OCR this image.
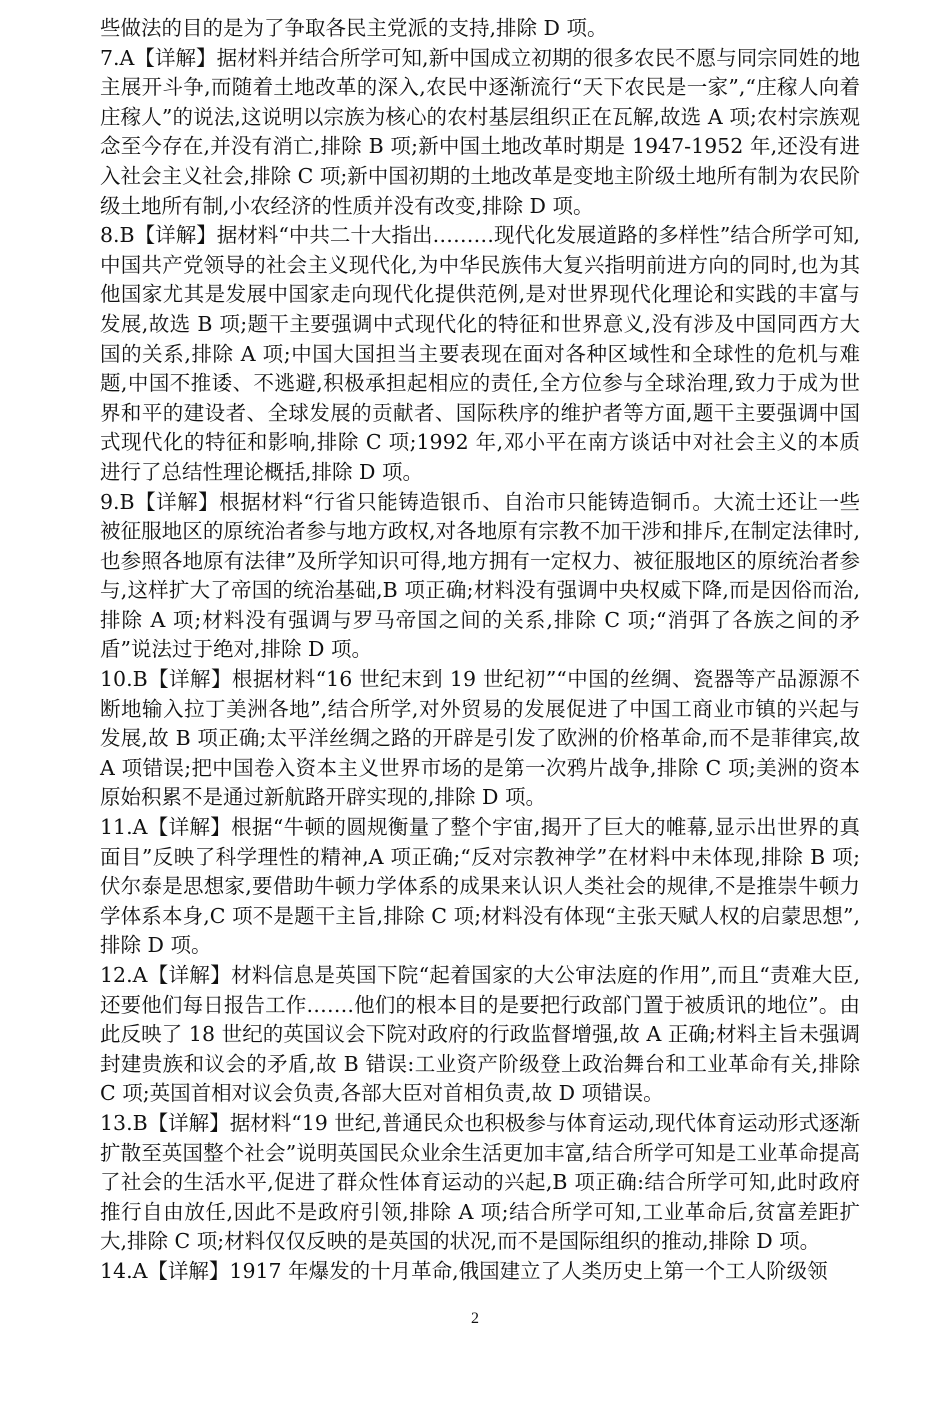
些做法的目的是为了争取各民主党派的支持,排除 D 项。

7.A【详解】据材料并结合所学可知,新中国成立初期的很多农民不愿与同宗同姓的地主展开斗争,而随着土地改革的深入,农民中逐渐流行“天下农民是一家”,“庄稼人向着庄稼人”的说法,这说明以宗族为核心的农村基层组织正在瓦解,故选 A 项;农村宗族观念至今存在,并没有消亡,排除 B 项;新中国土地改革时期是 1947-1952 年,还没有进入社会主义社会,排除 C 项;新中国初期的土地改革是变地主阶级土地所有制为农民阶级土地所有制,小农经济的性质并没有改变,排除 D 项。

8.B【详解】据材料“中共二十大指出………现代化发展道路的多样性”结合所学可知,中国共产党领导的社会主义现代化,为中华民族伟大复兴指明前进方向的同时,也为其他国家尤其是发展中国家走向现代化提供范例,是对世界现代化理论和实践的丰富与发展,故选 B 项;题干主要强调中式现代化的特征和世界意义,没有涉及中国同西方大国的关系,排除 A 项;中国大国担当主要表现在面对各种区域性和全球性的危机与难题,中国不推诿、不逃避,积极承担起相应的责任,全方位参与全球治理,致力于成为世界和平的建设者、全球发展的贡献者、国际秩序的维护者等方面,题干主要强调中国式现代化的特征和影响,排除 C 项;1992 年,邓小平在南方谈话中对社会主义的本质进行了总结性理论概括,排除 D 项。

9.B【详解】根据材料“行省只能铸造银币、自治市只能铸造铜币。大流士还让一些被征服地区的原统治者参与地方政权,对各地原有宗教不加干涉和排斥,在制定法律时,也参照各地原有法律”及所学知识可得,地方拥有一定权力、被征服地区的原统治者参与,这样扩大了帝国的统治基础,B 项正确;材料没有强调中央权威下降,而是因俗而治,排除 A 项;材料没有强调与罗马帝国之间的关系,排除 C 项;“消弭了各族之间的矛盾”说法过于绝对,排除 D 项。

10.B【详解】根据材料“16 世纪末到 19 世纪初”“中国的丝绸、瓷器等产品源源不断地输入拉丁美洲各地”,结合所学,对外贸易的发展促进了中国工商业市镇的兴起与发展,故 B 项正确;太平洋丝绸之路的开辟是引发了欧洲的价格革命,而不是菲律宾,故 A 项错误;把中国卷入资本主义世界市场的是第一次鸦片战争,排除 C 项;美洲的资本原始积累不是通过新航路开辟实现的,排除 D 项。

11.A【详解】根据“牛顿的圆规衡量了整个宇宙,揭开了巨大的帷幕,显示出世界的真面目”反映了科学理性的精神,A 项正确;“反对宗教神学”在材料中未体现,排除 B 项;伏尔泰是思想家,要借助牛顿力学体系的成果来认识人类社会的规律,不是推崇牛顿力学体系本身,C 项不是题干主旨,排除 C 项;材料没有体现“主张天赋人权的启蒙思想”,排除 D 项。

12.A【详解】材料信息是英国下院“起着国家的大公审法庭的作用”,而且“责难大臣,还要他们每日报告工作…….他们的根本目的是要把行政部门置于被质讯的地位”。由此反映了 18 世纪的英国议会下院对政府的行政监督增强,故 A 正确;材料主旨未强调封建贵族和议会的矛盾,故 B 错误:工业资产阶级登上政治舞台和工业革命有关,排除 C 项;英国首相对议会负责,各部大臣对首相负责,故 D 项错误。

13.B【详解】据材料“19 世纪,普通民众也积极参与体育运动,现代体育运动形式逐渐扩散至英国整个社会”说明英国民众业余生活更加丰富,结合所学可知是工业革命提高了社会的生活水平,促进了群众性体育运动的兴起,B 项正确:结合所学可知,此时政府推行自由放任,因此不是政府引领,排除 A 项;结合所学可知,工业革命后,贫富差距扩大,排除 C 项;材料仅仅反映的是英国的状况,而不是国际组织的推动,排除 D 项。

14.A【详解】1917 年爆发的十月革命,俄国建立了人类历史上第一个工人阶级领

2
